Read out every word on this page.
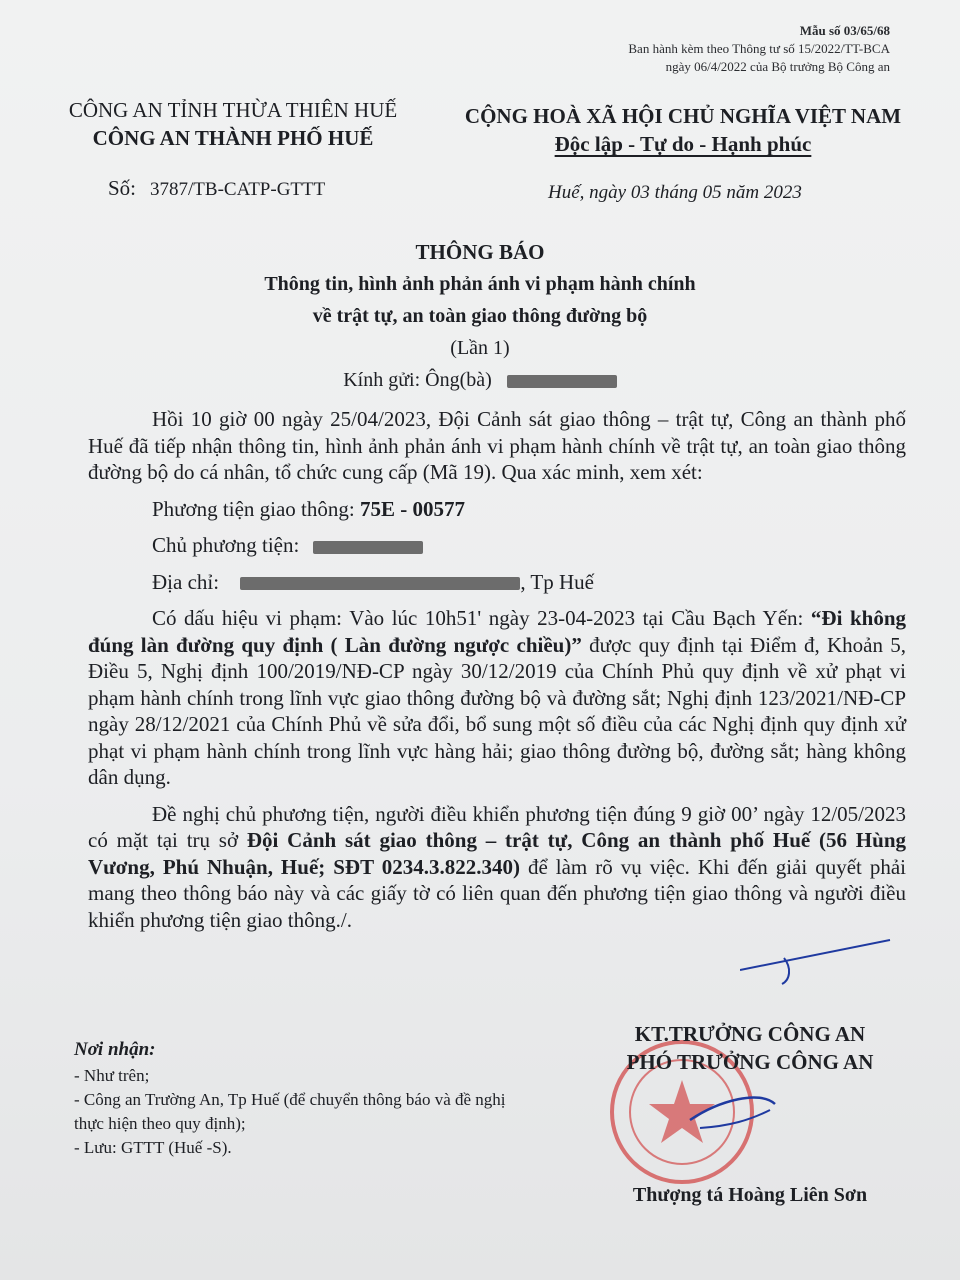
Mẫu số 03/65/68
Ban hành kèm theo Thông tư số 15/2022/TT-BCA
ngày 06/4/2022 của Bộ trưởng Bộ Công an
CÔNG AN TỈNH THỪA THIÊN HUẾ
CÔNG AN THÀNH PHỐ HUẾ
CỘNG HOÀ XÃ HỘI CHỦ NGHĨA VIỆT NAM
Độc lập - Tự do - Hạnh phúc
Số: 3787/TB-CATP-GTTT	Huế, ngày 03 tháng 05 năm 2023
THÔNG BÁO
Thông tin, hình ảnh phản ánh vi phạm hành chính
về trật tự, an toàn giao thông đường bộ
(Lần 1)
Kính gửi: Ông(bà)

Hồi 10 giờ 00 ngày 25/04/2023, Đội Cảnh sát giao thông – trật tự, Công an thành phố Huế đã tiếp nhận thông tin, hình ảnh phản ánh vi phạm hành chính về trật tự, an toàn giao thông đường bộ do cá nhân, tổ chức cung cấp (Mã 19). Qua xác minh, xem xét:

Phương tiện giao thông: 75E - 00577

Chủ phương tiện:

Địa chỉ:	, Tp Huế

Có dấu hiệu vi phạm: Vào lúc 10h51' ngày 23-04-2023 tại Cầu Bạch Yến: “Đi không đúng làn đường quy định ( Làn đường ngược chiều)” được quy định tại Điểm đ, Khoản 5, Điều 5, Nghị định 100/2019/NĐ-CP ngày 30/12/2019 của Chính Phủ quy định về xử phạt vi phạm hành chính trong lĩnh vực giao thông đường bộ và đường sắt; Nghị định 123/2021/NĐ-CP ngày 28/12/2021 của Chính Phủ về sửa đổi, bổ sung một số điều của các Nghị định quy định xử phạt vi phạm hành chính trong lĩnh vực hàng hải; giao thông đường bộ, đường sắt; hàng không dân dụng.

Đề nghị chủ phương tiện, người điều khiển phương tiện đúng 9 giờ 00’ ngày 12/05/2023 có mặt tại trụ sở Đội Cảnh sát giao thông – trật tự, Công an thành phố Huế (56 Hùng Vương, Phú Nhuận, Huế; SĐT 0234.3.822.340) để làm rõ vụ việc. Khi đến giải quyết phải mang theo thông báo này và các giấy tờ có liên quan đến phương tiện giao thông và người điều khiển phương tiện giao thông./.

Nơi nhận:
- Như trên;
- Công an Trường An, Tp Huế (để chuyển thông báo và đề nghị thực hiện theo quy định);
- Lưu: GTTT (Huế -S).
KT.TRƯỞNG CÔNG AN
PHÓ TRƯỞNG CÔNG AN
Thượng tá Hoàng Liên Sơn
